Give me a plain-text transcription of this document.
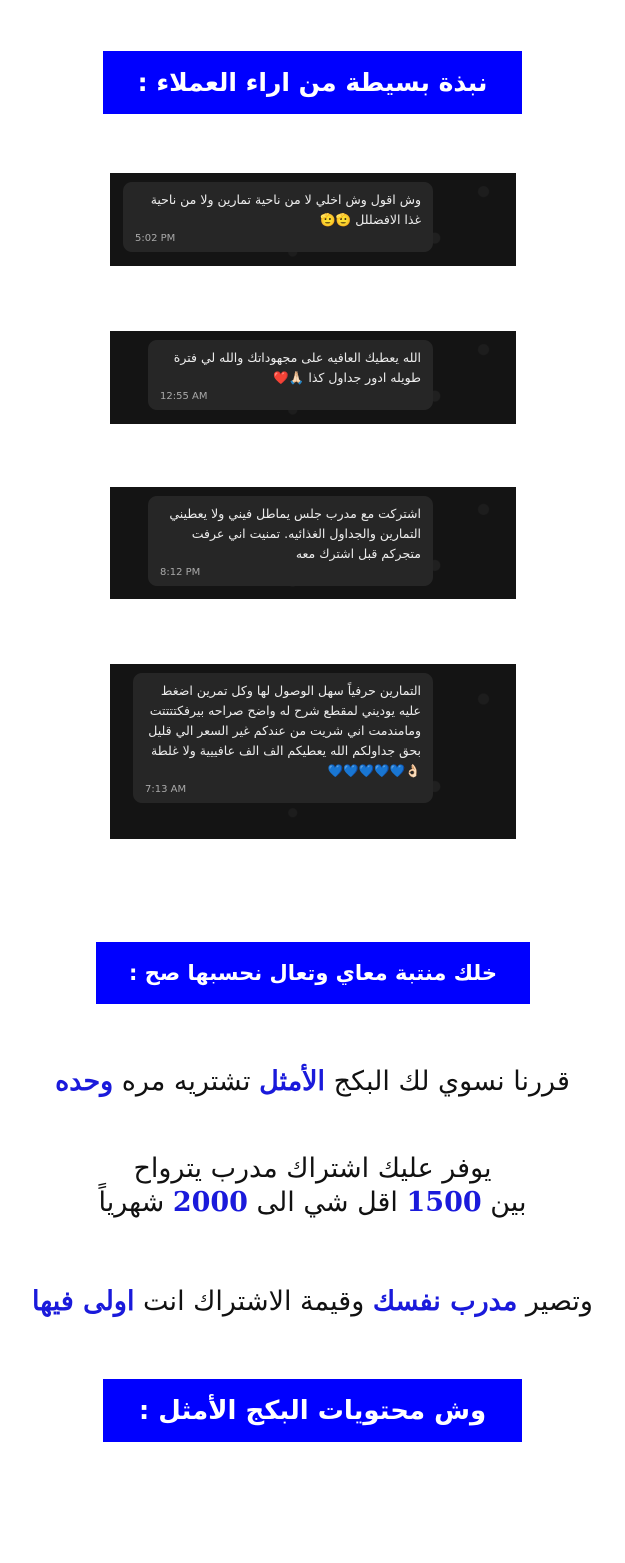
نبذة بسيطة من اراء العملاء :
وش اقول وش اخلي لا من ناحية تمارين ولا من ناحية غذا الافضللل 🫡🫡
5:02 PM
الله يعطيك العافيه على مجهوداتك والله لي فترة طويله ادور جداول كذا 🙏🏻❤️
12:55 AM
اشتركت مع مدرب جلس يماطل فيني ولا يعطيني التمارين والجداول الغذائيه. تمنيت اني عرفت متجركم قبل اشترك معه
8:12 PM
التمارين حرفياً سهل الوصول لها وكل تمرين اضغط عليه يوديني لمقطع شرح له واضح صراحه بيرفكتتتتت ومامندمت اني شريت من عندكم غير السعر الي قليل بحق جداولكم الله يعطيكم الف الف عافييية ولا غلطة 👌🏻💙💙💙💙💙
7:13 AM
خلك منتبة معاي وتعال نحسبها صح :
قررنا نسوي لك البكج الأمثل تشتريه مره وحده
يوفر عليك اشتراك مدرب يترواح
بين 1500 اقل شي الى 2000 شهرياً
وتصير مدرب نفسك وقيمة الاشتراك انت اولى فيها
وش محتويات البكج الأمثل :
